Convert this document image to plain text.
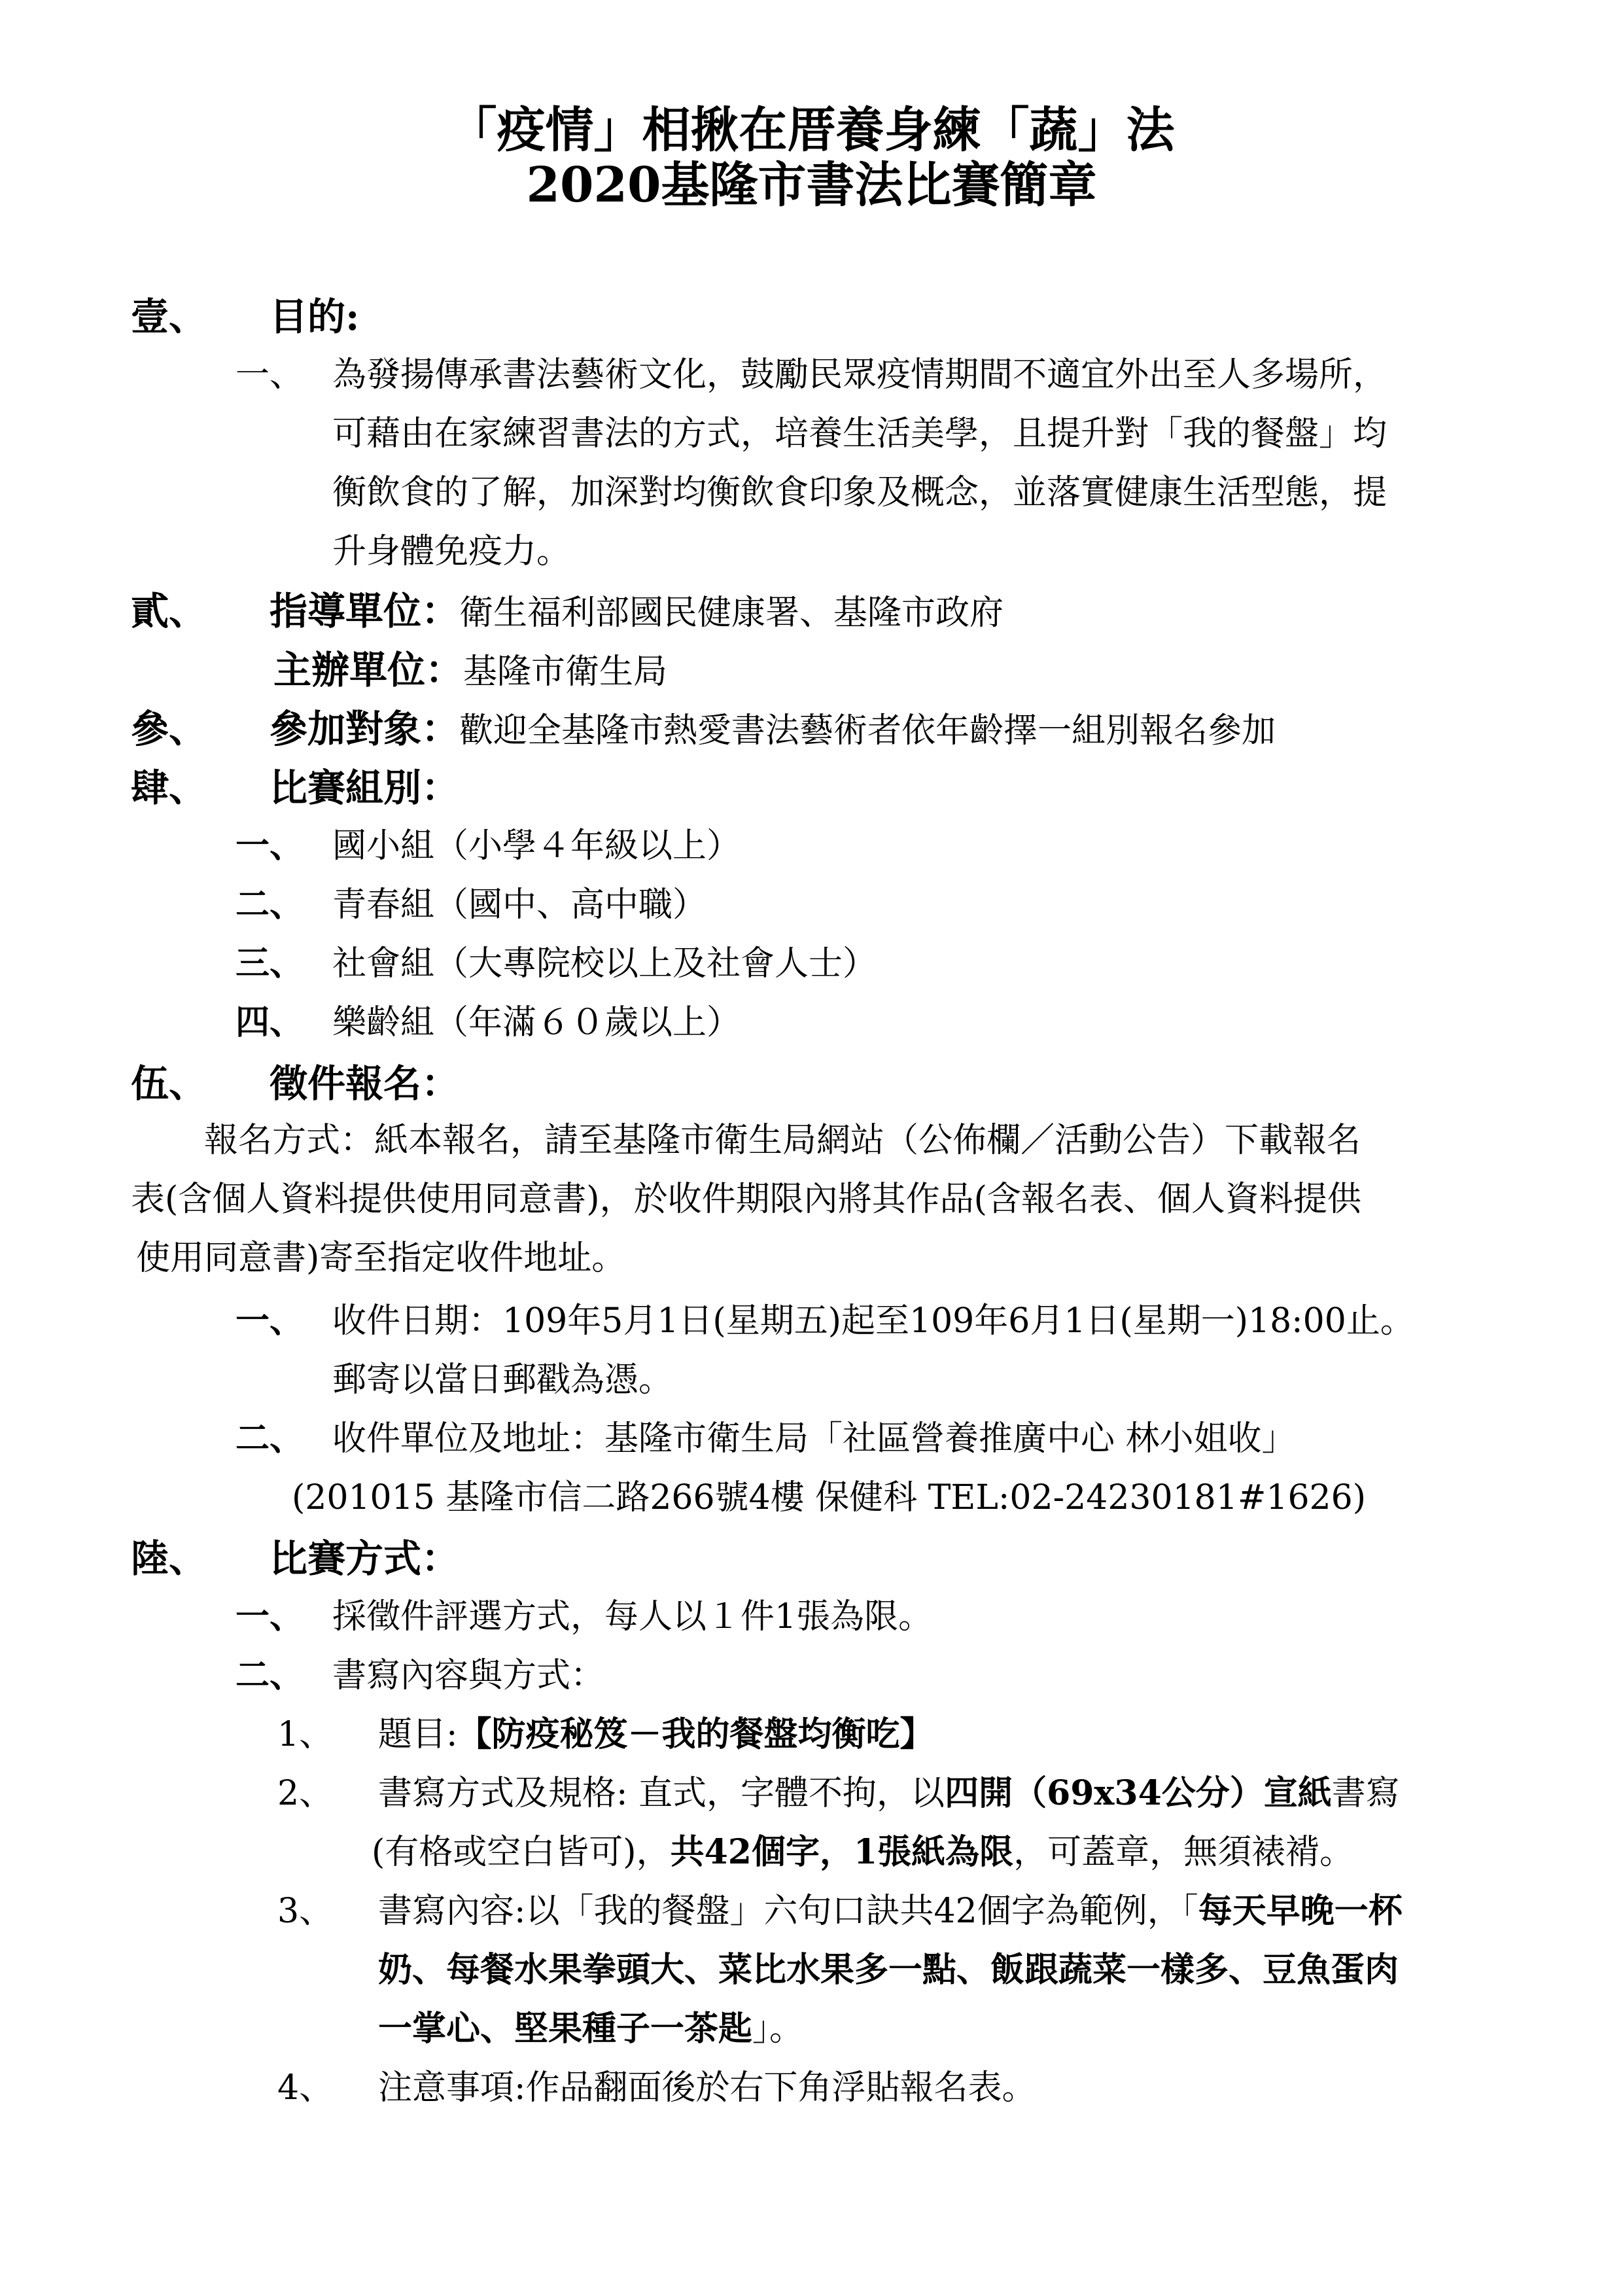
「疫情」相揪在厝養身練「蔬」法
2020基隆市書法比賽簡章
壹、 目的:
一、 為發揚傳承書法藝術文化，鼓勵民眾疫情期間不適宜外出至人多場所，
可藉由在家練習書法的方式，培養生活美學，且提升對「我的餐盤」均
衡飲食的了解，加深對均衡飲食印象及概念，並落實健康生活型態，提
升身體免疫力。
貳、 指導單位：衛生福利部國民健康署、基隆市政府
主辦單位：基隆市衛生局
參、 參加對象：歡迎全基隆市熱愛書法藝術者依年齡擇一組別報名參加
肆、 比賽組別：
一、 國小組（小學４年級以上）
二、 青春組（國中、高中職）
三、 社會組（大專院校以上及社會人士）
四、 樂齡組（年滿６０歲以上）
伍、 徵件報名：
報名方式：紙本報名，請至基隆市衛生局網站（公佈欄／活動公告）下載報名
表(含個人資料提供使用同意書)，於收件期限內將其作品(含報名表、個人資料提供
使用同意書)寄至指定收件地址。
一、 收件日期：109年5月1日(星期五)起至109年6月1日(星期一)18:00止。
郵寄以當日郵戳為憑。
二、 收件單位及地址：基隆市衛生局「社區營養推廣中心 林小姐收」
(201015 基隆市信二路266號4樓 保健科 TEL:02-24230181#1626)
陸、 比賽方式：
一、 採徵件評選方式，每人以１件1張為限。
二、 書寫內容與方式：
1、 題目:【防疫秘笈－我的餐盤均衡吃】
2、 書寫方式及規格: 直式，字體不拘，以四開（69x34公分）宣紙書寫
(有格或空白皆可)，共42個字，1張紙為限，可蓋章，無須裱褙。
3、 書寫內容:以「我的餐盤」六句口訣共42個字為範例，「每天早晚一杯
奶、每餐水果拳頭大、菜比水果多一點、飯跟蔬菜一樣多、豆魚蛋肉
一掌心、堅果種子一茶匙」。
4、 注意事項:作品翻面後於右下角浮貼報名表。
